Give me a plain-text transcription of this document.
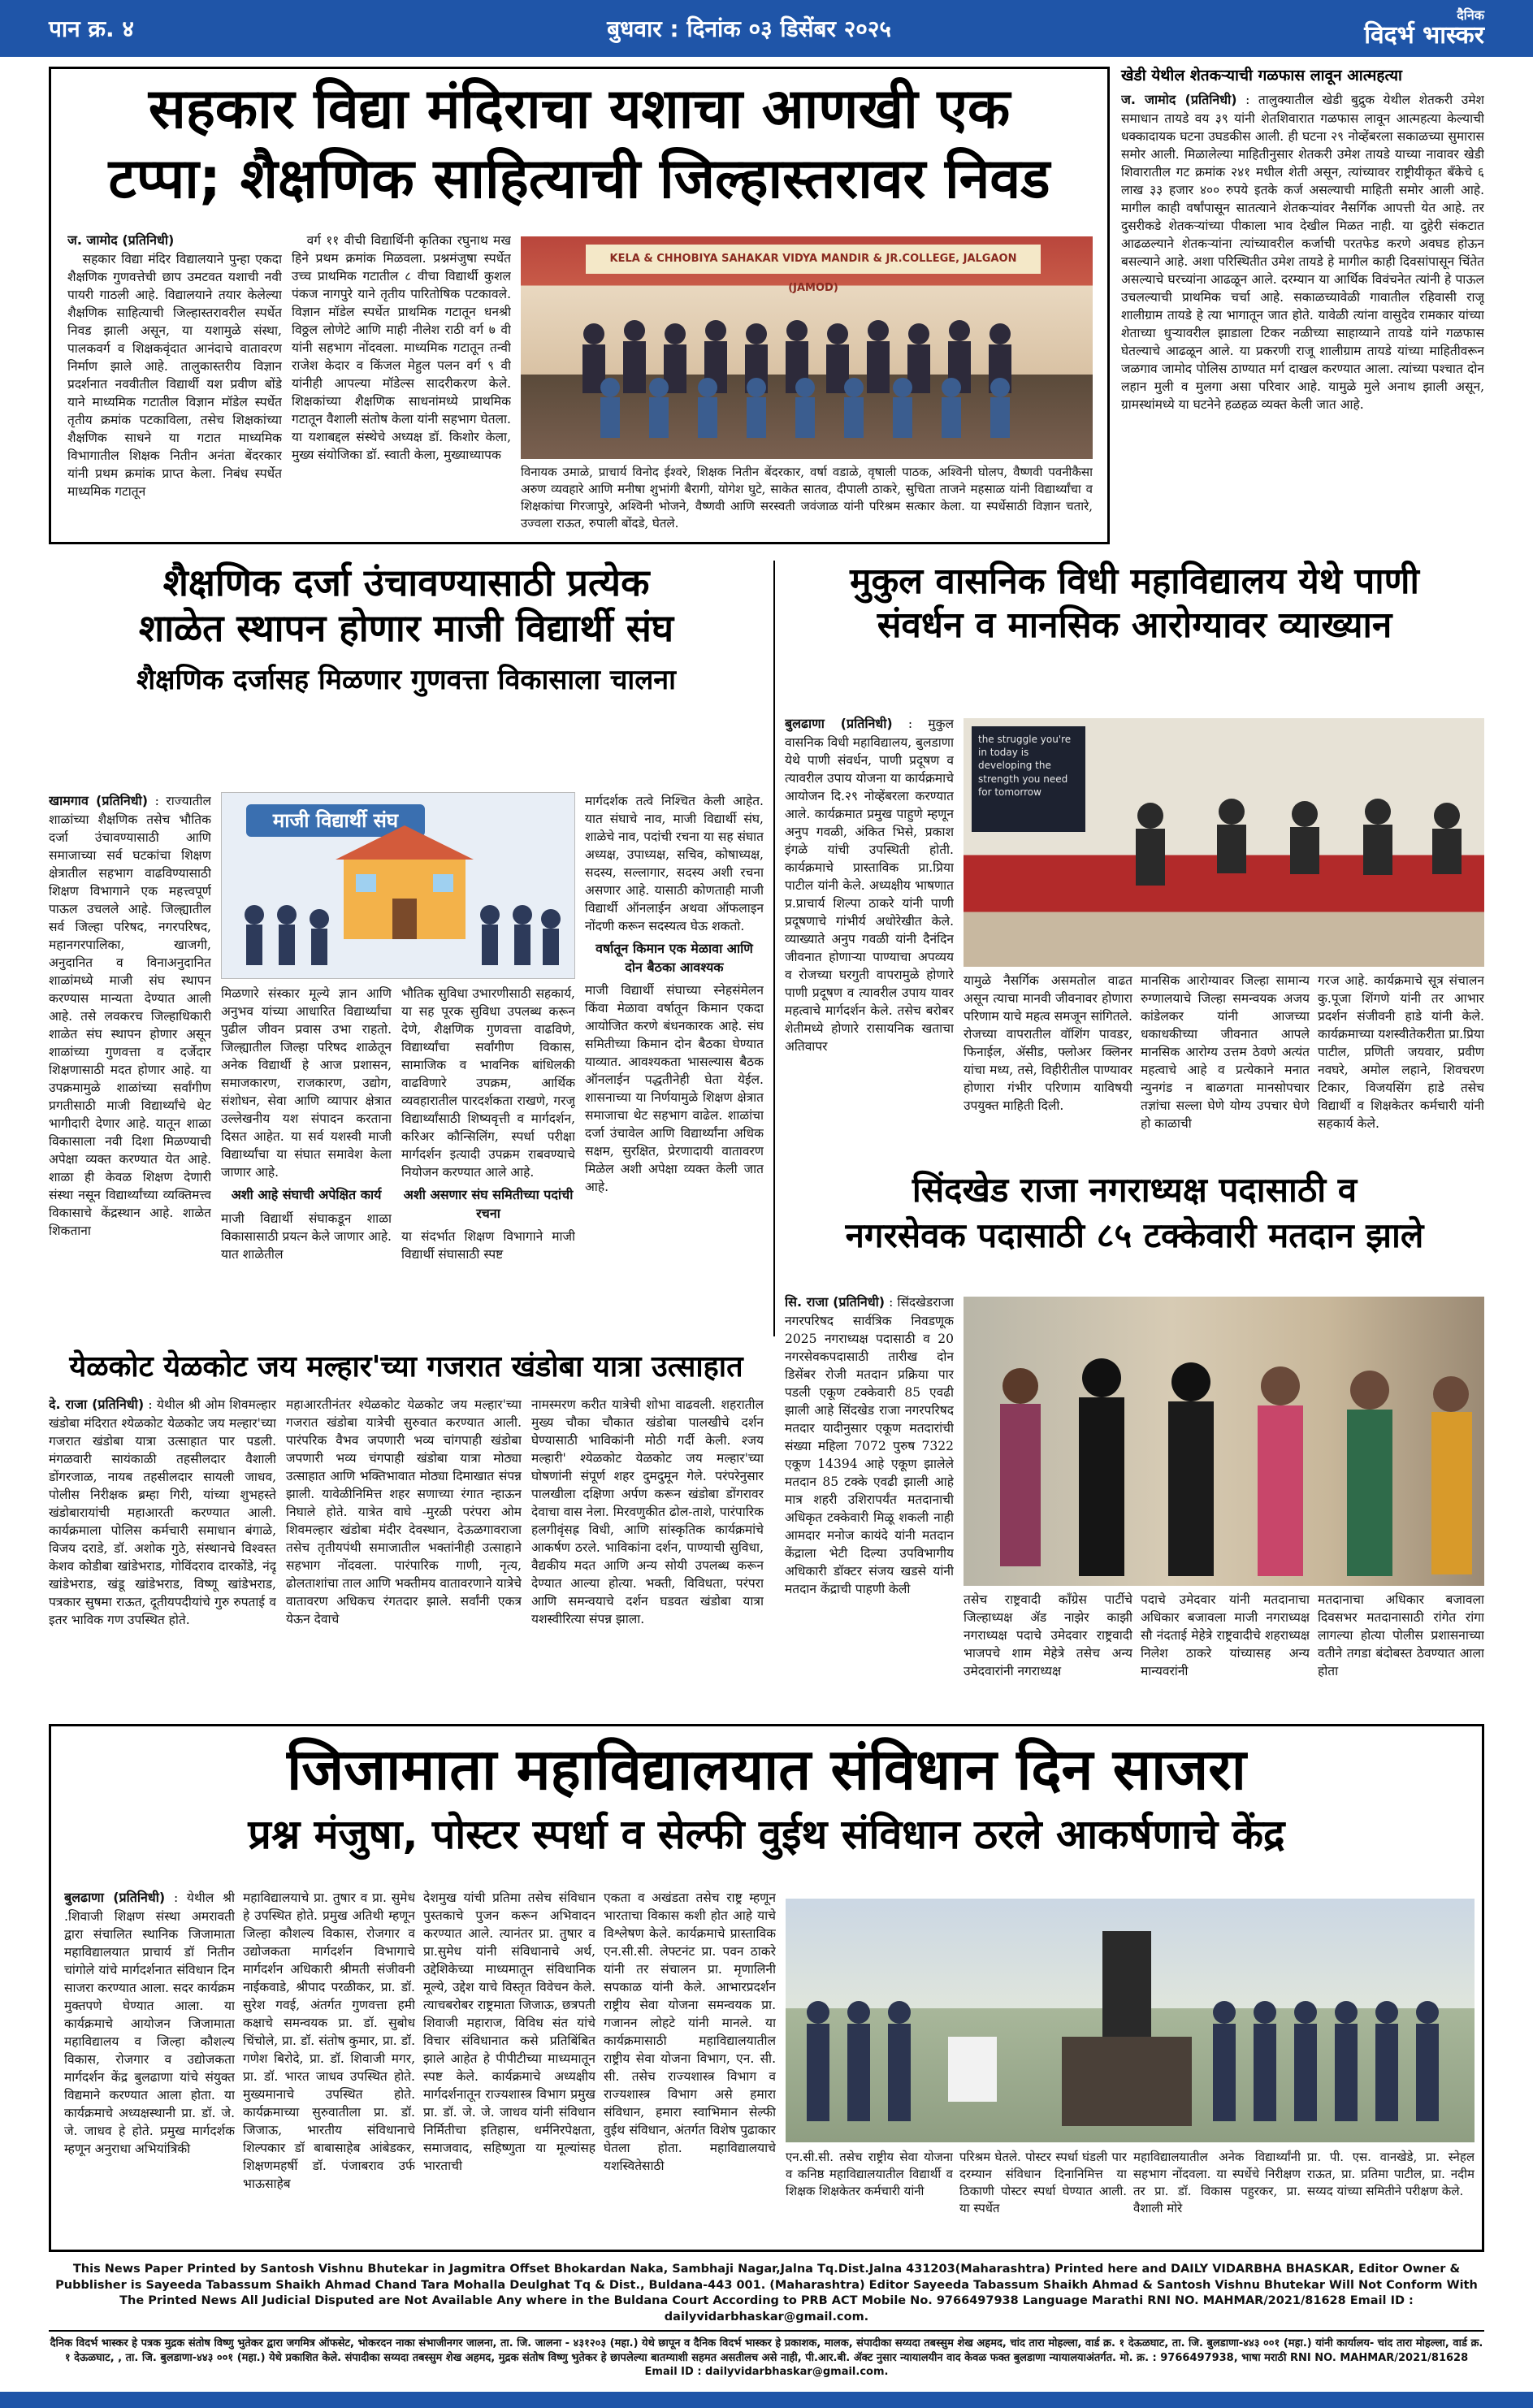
पान क्र. ४	बुधवार : दिनांक ०३ डिसेंबर २०२५
दैनिक
विदर्भ भास्कर
सहकार विद्या मंदिराचा यशाचा आणखी एक
टप्पा; शैक्षणिक साहित्याची जिल्हास्तरावर निवड
ज. जामोद (प्रतिनिधी)

सहकार विद्या मंदिर विद्यालयाने पुन्हा एकदा शैक्षणिक गुणवत्तेची छाप उमटवत यशाची नवी पायरी गाठली आहे. विद्यालयाने तयार केलेल्या शैक्षणिक साहित्याची जिल्हास्तरावरील स्पर्धेत निवड झाली असून, या यशामुळे संस्था, पालकवर्ग व शिक्षकवृंदात आनंदाचे वातावरण निर्माण झाले आहे. तालुकास्तरीय विज्ञान प्रदर्शनात नववीतील विद्यार्थी यश प्रवीण बोंडे याने माध्यमिक गटातील विज्ञान मॉडेल स्पर्धेत तृतीय क्रमांक पटकाविला, तसेच शिक्षकांच्या शैक्षणिक साधने या गटात माध्यमिक विभागातील शिक्षक नितीन अनंता बेंदरकार यांनी प्रथम क्रमांक प्राप्त केला. निबंध स्पर्धेत माध्यमिक गटातून

वर्ग ११ वीची विद्यार्थिनी कृतिका रघुनाथ मख हिने प्रथम क्रमांक मिळवला. प्रश्नमंजुषा स्पर्धेत उच्च प्राथमिक गटातील ८ वीचा विद्यार्थी कुशल पंकज नागपुरे याने तृतीय पारितोषिक पटकावले. विज्ञान मॉडेल स्पर्धेत प्राथमिक गटातून धनश्री विठ्ठल लोणेटे आणि माही नीलेश राठी वर्ग ७ वी यांनी सहभाग नोंदवला. माध्यमिक गटातून तन्वी राजेश केदार व किंजल मेहुल पलन वर्ग ९ वी यांनीही आपल्या मॉडेल्स सादरीकरण केले. शिक्षकांच्या शैक्षणिक साधनांमध्ये प्राथमिक गटातून वैशाली संतोष केला यांनी सहभाग घेतला. या यशाबद्दल संस्थेचे अध्यक्ष डॉ. किशोर केला, मुख्य संयोजिका डॉ. स्वाती केला, मुख्याध्यापक

KELA & CHHOBIYA SAHAKAR VIDYA MANDIR & JR.COLLEGE, JALGAON (JAMOD)
विनायक उमाळे, प्राचार्य विनोद ईश्वरे, शिक्षक नितीन बेंदरकार, वर्षा वडाळे, वृषाली पाठक, अश्विनी घोलप, वैष्णवी पवनीकैसा अरुण व्यवहारे आणि मनीषा शुभांगी बैरागी, योगेश घुटे, साकेत सातव, दीपाली ठाकरे, सुचिता ताजने महसाळ यांनी विद्यार्थ्यांचा व शिक्षकांचा गिरजापुरे, अश्विनी भोजने, वैष्णवी आणि सरस्वती जवंजाळ यांनी परिश्रम सत्कार केला. या स्पर्धेसाठी विज्ञान चतारे, उज्वला राऊत, रुपाली बोंदडे, घेतले.
खेडी येथील शेतकऱ्याची गळफास लावून आत्महत्या
ज. जामोद (प्रतिनिधी) : तालुक्यातील खेडी बुद्रुक येथील शेतकरी उमेश समाधान तायडे वय ३९ यांनी शेतशिवारात गळफास लावून आत्महत्या केल्याची धक्कादायक घटना उघडकीस आली. ही घटना २९ नोव्हेंबरला सकाळच्या सुमारास समोर आली. मिळालेल्या माहितीनुसार शेतकरी उमेश तायडे याच्या नावावर खेडी शिवारातील गट क्रमांक २४१ मधील शेती असून, त्यांच्यावर राष्ट्रीयीकृत बँकेचे ६ लाख ३३ हजार ४०० रुपये इतके कर्ज असल्याची माहिती समोर आली आहे. मागील काही वर्षांपासून सातत्याने शेतकऱ्यांवर नैसर्गिक आपत्ती येत आहे. तर दुसरीकडे शेतकऱ्यांच्या पीकाला भाव देखील मिळत नाही. या दुहेरी संकटात आढळल्याने शेतकऱ्यांना त्यांच्यावरील कर्जाची परतफेड करणे अवघड होऊन बसल्याने आहे. अशा परिस्थितीत उमेश तायडे हे मागील काही दिवसांपासून चिंतेत असल्याचे घरच्यांना आढळून आले. दरम्यान या आर्थिक विवंचनेत त्यांनी हे पाऊल उचलल्याची प्राथमिक चर्चा आहे. सकाळच्यावेळी गावातील रहिवासी राजू शालीग्राम तायडे हे त्या भागातून जात होते. यावेळी त्यांना वासुदेव रामकार यांच्या शेताच्या धुऱ्यावरील झाडाला टिकर नळीच्या साहाय्याने तायडे यांने गळफास घेतल्याचे आढळून आले. या प्रकरणी राजू शालीग्राम तायडे यांच्या माहितीवरून जळगाव जामोद पोलिस ठाण्यात मर्ग दाखल करण्यात आला. त्यांच्या पश्चात दोन लहान मुली व मुलगा असा परिवार आहे. यामुळे मुले अनाथ झाली असून, ग्रामस्थांमध्ये या घटनेने हळहळ व्यक्त केली जात आहे.
शैक्षणिक दर्जा उंचावण्यासाठी प्रत्येक
शाळेत स्थापन होणार माजी विद्यार्थी संघ
शैक्षणिक दर्जासह मिळणार गुणवत्ता विकासाला चालना
खामगाव (प्रतिनिधी) : राज्यातील शाळांच्या शैक्षणिक तसेच भौतिक दर्जा उंचावण्यासाठी आणि समाजाच्या सर्व घटकांचा शिक्षण क्षेत्रातील सहभाग वाढविण्यासाठी शिक्षण विभागाने एक महत्त्वपूर्ण पाऊल उचलले आहे. जिल्ह्यातील सर्व जिल्हा परिषद, नगरपरिषद, महानगरपालिका, खाजगी, अनुदानित व विनाअनुदानित शाळांमध्ये माजी संघ स्थापन करण्यास मान्यता देण्यात आली आहे. तसे लवकरच जिल्हाधिकारी शाळेत संघ स्थापन होणार असून शाळांच्या गुणवत्ता व दर्जेदार शिक्षणासाठी मदत होणार आहे. या उपक्रमामुळे शाळांच्या सर्वांगीण प्रगतीसाठी माजी विद्यार्थ्यांचे थेट भागीदारी देणार आहे. यातून शाळा विकासाला नवी दिशा मिळण्याची अपेक्षा व्यक्त करण्यात येत आहे. शाळा ही केवळ शिक्षण देणारी संस्था नसून विद्यार्थ्यांच्या व्यक्तिमत्त्व विकासाचे केंद्रस्थान आहे. शाळेत शिकताना
माजी विद्यार्थी संघ
मिळणारे संस्कार मूल्ये ज्ञान आणि अनुभव यांच्या आधारित विद्यार्थ्यांचा पुढील जीवन प्रवास उभा राहतो. जिल्ह्यातील जिल्हा परिषद शाळेतून अनेक विद्यार्थी हे आज प्रशासन, समाजकारण, राजकारण, उद्योग, संशोधन, सेवा आणि व्यापार क्षेत्रात उल्लेखनीय यश संपादन करताना दिसत आहेत. या सर्व यशस्वी माजी विद्यार्थ्यांचा या संघात समावेश केला जाणार आहे.
अशी आहे संघाची अपेक्षित कार्य
माजी विद्यार्थी संघाकडून शाळा विकासासाठी प्रयत्न केले जाणार आहे. यात शाळेतील
भौतिक सुविधा उभारणीसाठी सहकार्य, या सह पूरक सुविधा उपलब्ध करून देणे, शैक्षणिक गुणवत्ता वाढविणे, विद्यार्थ्यांचा सर्वांगीण विकास, सामाजिक व भावनिक बांधिलकी वाढविणारे उपक्रम, आर्थिक व्यवहारातील पारदर्शकता राखणे, गरजू विद्यार्थ्यांसाठी शिष्यवृत्ती व मार्गदर्शन, करिअर कौन्सिलिंग, स्पर्धा परीक्षा मार्गदर्शन इत्यादी उपक्रम राबवण्याचे नियोजन करण्यात आले आहे.
अशी असणार संघ समितीच्या पदांची रचना
या संदर्भात शिक्षण विभागाने माजी विद्यार्थी संघासाठी स्पष्ट
मार्गदर्शक तत्वे निश्चित केली आहेत. यात संघाचे नाव, माजी विद्यार्थी संघ, शाळेचे नाव, पदांची रचना या सह संघात अध्यक्ष, उपाध्यक्ष, सचिव, कोषाध्यक्ष, सदस्य, सल्लागार, सदस्य अशी रचना असणार आहे. यासाठी कोणताही माजी विद्यार्थी ऑनलाईन अथवा ऑफलाइन नोंदणी करून सदस्यत्व घेऊ शकतो.
वर्षातून किमान एक मेळावा आणि दोन बैठका आवश्यक
माजी विद्यार्थी संघाच्या स्नेहसंमेलन किंवा मेळावा वर्षातून किमान एकदा आयोजित करणे बंधनकारक आहे. संघ समितीच्या किमान दोन बैठका घेण्यात याव्यात. आवश्यकता भासल्यास बैठक ऑनलाईन पद्धतीनेही घेता येईल. शासनाच्या या निर्णयामुळे शिक्षण क्षेत्रात समाजाचा थेट सहभाग वाढेल. शाळांचा दर्जा उंचावेल आणि विद्यार्थ्यांना अधिक सक्षम, सुरक्षित, प्रेरणादायी वातावरण मिळेल अशी अपेक्षा व्यक्त केली जात आहे.
मुकुल वासनिक विधी महाविद्यालय येथे पाणी
संवर्धन व मानसिक आरोग्यावर व्याख्यान
बुलढाणा (प्रतिनिधी) : मुकुल वासनिक विधी महाविद्यालय, बुलडाणा येथे पाणी संवर्धन, पाणी प्रदूषण व त्यावरील उपाय योजना या कार्यक्रमाचे आयोजन दि.२९ नोव्हेंबरला करण्यात आले. कार्यक्रमात प्रमुख पाहुणे म्हणून अनुप गवळी, अंकित भिसे, प्रकाश इंगळे यांची उपस्थिती होती. कार्यक्रमाचे प्रास्ताविक प्रा.प्रिया पाटील यांनी केले. अध्यक्षीय भाषणात प्र.प्राचार्य शिल्पा ठाकरे यांनी पाणी प्रदूषणाचे गांभीर्य अधोरेखीत केले. व्याख्याते अनुप गवळी यांनी दैनंदिन जीवनात होणाऱ्या पाण्याचा अपव्यय व रोजच्या घरगुती वापरामुळे होणारे पाणी प्रदूषण व त्यावरील उपाय यावर महत्वाचे मार्गदर्शन केले. तसेच बरोबर शेतीमध्ये होणारे रासायनिक खताचा अतिवापर
the struggle you're in today is developing the strength you need for tomorrow
यामुळे नैसर्गिक असमतोल वाढत असून त्याचा मानवी जीवनावर होणारा परिणाम याचे महत्व समजून सांगितले. रोजच्या वापरातील वॉशिंग पावडर, फिनाईल, ॲसीड, फ्लोअर क्लिनर यांचा मध्य, तसे, विहीरीतील पाण्यावर होणारा गंभीर परिणाम याविषयी उपयुक्त माहिती दिली.
मानसिक आरोग्यावर जिल्हा सामान्य रुग्णालयाचे जिल्हा समन्वयक अजय कांडेलकर यांनी आजच्या धकाधकीच्या जीवनात आपले मानसिक आरोग्य उत्तम ठेवणे अत्यंत महत्वाचे आहे व प्रत्येकाने मनात न्युनगंड न बाळगता मानसोपचार तज्ञांचा सल्ला घेणे योग्य उपचार घेणे हो काळाची
गरज आहे. कार्यक्रमाचे सूत्र संचालन कु.पूजा शिंगणे यांनी तर आभार प्रदर्शन संजीवनी हाडे यांनी केले. कार्यक्रमाच्या यशस्वीतेकरीता प्रा.प्रिया पाटील, प्रणिती जयवार, प्रवीण नवघरे, अमोल लहाने, शिवचरण टिकार, विजयसिंग हाडे तसेच विद्यार्थी व शिक्षकेतर कर्मचारी यांनी सहकार्य केले.
सिंदखेड राजा नगराध्यक्ष पदासाठी व
नगरसेवक पदासाठी ८५ टक्केवारी मतदान झाले
सि. राजा (प्रतिनिधी) : सिंदखेडराजा नगरपरिषद सार्वत्रिक निवडणूक 2025 नगराध्यक्ष पदासाठी व 20 नगरसेवकपदासाठी तारीख दोन डिसेंबर रोजी मतदान प्रक्रिया पार पडली एकूण टक्केवारी 85 एवढी झाली आहे सिंदखेड राजा नगरपरिषद मतदार यादीनुसार एकूण मतदारांची संख्या महिला 7072 पुरुष 7322 एकूण 14394 आहे एकूण झालेले मतदान 85 टक्के एवढी झाली आहे मात्र शहरी उशिरापर्यंत मतदानाची अधिकृत टक्केवारी मिळू शकली नाही आमदार मनोज कायंदे यांनी मतदान केंद्राला भेटी दिल्या उपविभागीय अधिकारी डॉक्टर संजय खडसे यांनी मतदान केंद्राची पाहणी केली
तसेच राष्ट्रवादी काँग्रेस पार्टीचे जिल्हाध्यक्ष ॲड नाझेर काझी नगराध्यक्ष पदाचे उमेदवार राष्ट्रवादी भाजपचे शाम मेहेत्रे तसेच अन्य उमेदवारांनी नगराध्यक्ष
पदाचे उमेदवार यांनी मतदानाचा अधिकार बजावला माजी नगराध्यक्ष सौ नंदताई मेहेत्रे राष्ट्रवादीचे शहराध्यक्ष निलेश ठाकरे यांच्यासह अन्य मान्यवरांनी
मतदानाचा अधिकार बजावला दिवसभर मतदानासाठी रांगेत रांगा लागल्या होत्या पोलीस प्रशासनाच्या वतीने तगडा बंदोबस्त ठेवण्यात आला होता
येळकोट येळकोट जय मल्हार'च्या गजरात खंडोबा यात्रा उत्साहात
दे. राजा (प्रतिनिधी) : येथील श्री ओम शिवमल्हार खंडोबा मंदिरात श्येळकोट येळकोट जय मल्हार'च्या गजरात खंडोबा यात्रा उत्साहात पार पडली. मंगळवारी सायंकाळी तहसीलदार वैशाली डोंगरजाळ, नायब तहसीलदार सायली जाधव, पोलीस निरीक्षक ब्रम्हा गिरी, यांच्या शुभहस्ते खंडोबारायांची महाआरती करण्यात आली. कार्यक्रमाला पोलिस कर्मचारी समाधान बंगाळे, विजय दराडे, डॉ. अशोक गुठे, संस्थानचे विश्वस्त केशव कोडीबा खांडेभराड, गोविंदराव दारकोंडे, नंदू खांडेभराड, खंडू खांडेभराड, विष्णू खांडेभराड, पत्रकार सुषमा राऊत, दूतीयपदीयांचे गुरु रुपताई व इतर भाविक गण उपस्थित होते.
महाआरतीनंतर श्येळकोट येळकोट जय मल्हार'च्या गजरात खंडोबा यात्रेची सुरुवात करण्यात आली. पारंपरिक वैभव जपणारी भव्य चांगपाही खंडोबा जपणारी भव्य चंगपाही खंडोबा यात्रा मोठ्या उत्साहात आणि भक्तिभावात मोठ्या दिमाखात संपन्न झाली. यावेळीनिमित्त शहर सणाच्या रंगात न्हाऊन निघाले होते. यात्रेत वाघे -मुरळी परंपरा ओम शिवमल्हार खंडोबा मंदीर देवस्थान, देऊळगावराजा तसेच तृतीयपंथी समाजातील भक्तांनीही उत्साहाने सहभाग नोंदवला. पारंपारिक गाणी, नृत्य, ढोलताशांचा ताल आणि भक्तीमय वातावरणाने यात्रेचे वातावरण अधिकच रंगतदार झाले. सर्वांनी एकत्र येऊन देवाचे
नामस्मरण करीत यात्रेची शोभा वाढवली. शहरातील मुख्य चौका चौकात खंडोबा पालखीचे दर्शन घेण्यासाठी भाविकांनी मोठी गर्दी केली. श्जय मल्हारी' श्येळकोट येळकोट जय मल्हार'च्या घोषणांनी संपूर्ण शहर दुमदुमून गेले. परंपरेनुसार पालखीला दक्षिणा अर्पण करून खंडोबा डोंगरावर देवाचा वास नेला. मिरवणुकीत ढोल-ताशे, पारंपारिक हलगीवृंसह्र विधी, आणि सांस्कृतिक कार्यक्रमांचे आकर्षण ठरले. भाविकांना दर्शन, पाण्याची सुविधा, वैद्यकीय मदत आणि अन्य सोयी उपलब्ध करून देण्यात आल्या होत्या. भक्ती, विविधता, परंपरा आणि समन्वयाचे दर्शन घडवत खंडोबा यात्रा यशस्वीरित्या संपन्न झाला.
जिजामाता महाविद्यालयात संविधान दिन साजरा
प्रश्न मंजुषा, पोस्टर स्पर्धा व सेल्फी वुईथ संविधान ठरले आकर्षणाचे केंद्र
बुलढाणा (प्रतिनिधी) : येथील श्री .शिवाजी शिक्षण संस्था अमरावती द्वारा संचालित स्थानिक जिजामाता महाविद्यालयात प्राचार्य डॉ नितीन चांगोले यांचे मार्गदर्शनात संविधान दिन साजरा करण्यात आला. सदर कार्यक्रम मुक्तपणे घेण्यात आला. या कार्यक्रमाचे आयोजन जिजामाता महाविद्यालय व जिल्हा कौशल्य विकास, रोजगार व उद्योजकता मार्गदर्शन केंद्र बुलढाणा यांचे संयुक्त विद्यमाने करण्यात आला होता. या कार्यक्रमाचे अध्यक्षस्थानी प्रा. डॉ. जे. जे. जाधव हे होते. प्रमुख मार्गदर्शक म्हणून अनुराधा अभियांत्रिकी
महाविद्यालयाचे प्रा. तुषार व प्रा. सुमेध हे उपस्थित होते. प्रमुख अतिथी म्हणून जिल्हा कौशल्य विकास, रोजगार व उद्योजकता मार्गदर्शन विभागाचे मार्गदर्शन अधिकारी श्रीमती संजीवनी नाईकवाडे, श्रीपाद परळीकर, प्रा. डॉ. सुरेश गवई, अंतर्गत गुणवत्ता हमी कक्षाचे समन्वयक प्रा. डॉ. सुबोध चिंचोले, प्रा. डॉ. संतोष कुमार, प्रा. डॉ. गणेश बिरोदे, प्रा. डॉ. शिवाजी मगर, प्रा. डॉ. भारत जाधव उपस्थित होते. मुख्यमानाचे उपस्थित होते. कार्यक्रमाच्या सुरुवातीला प्रा. डॉ. जिजाऊ, भारतीय संविधानाचे शिल्पकार डॉ बाबासाहेब आंबेडकर, शिक्षणमहर्षी डॉ. पंजाबराव उर्फ भाऊसाहेब
देशमुख यांची प्रतिमा तसेच संविधान पुस्तकाचे पुजन करून अभिवादन करण्यात आले. त्यानंतर प्रा. तुषार व प्रा.सुमेध यांनी संविधानाचे अर्थ, उद्देशिकेच्या माध्यमातून संविधानिक मूल्ये, उद्देश याचे विस्तृत विवेचन केले. त्याचबरोबर राष्ट्रमाता जिजाऊ, छत्रपती शिवाजी महाराज, विविध संत यांचे विचार संविधानात कसे प्रतिबिंबित झाले आहेत हे पीपीटीच्या माध्यमातून स्पष्ट केले. कार्यक्रमाचे अध्यक्षीय मार्गदर्शनातून राज्यशास्त्र विभाग प्रमुख प्रा. डॉ. जे. जे. जाधव यांनी संविधान निर्मितीचा इतिहास, धर्मनिरपेक्षता, समाजवाद, सहिष्णुता या मूल्यांसह भारताची
एकता व अखंडता तसेच राष्ट्र म्हणून भारताचा विकास कशी होत आहे याचे विश्लेषण केले. कार्यक्रमाचे प्रास्ताविक एन.सी.सी. लेफ्टनंट प्रा. पवन ठाकरे यांनी तर संचालन प्रा. मृणालिनी सपकाळ यांनी केले. आभारप्रदर्शन राष्ट्रीय सेवा योजना समन्वयक प्रा. गजानन लोहटे यांनी मानले. या कार्यक्रमासाठी महाविद्यालयातील राष्ट्रीय सेवा योजना विभाग, एन. सी. सी. तसेच राज्यशास्त्र विभाग व राज्यशास्त्र विभाग असे हमारा संविधान, हमारा स्वाभिमान सेल्फी वुईथ संविधान, अंतर्गत विशेष पुढाकार घेतला होता. महाविद्यालयाचे यशस्वितेसाठी
एन.सी.सी. तसेच राष्ट्रीय सेवा योजना व कनिष्ठ महाविद्यालयातील विद्यार्थी व शिक्षक शिक्षकेतर कर्मचारी यांनी
परिश्रम घेतले. पोस्टर स्पर्धा घंडली पार दरम्यान संविधान दिनानिमित्त या ठिकाणी पोस्टर स्पर्धा घेण्यात आली. या स्पर्धेत
महाविद्यालयातील अनेक विद्यार्थ्यांनी सहभाग नोंदवला. या स्पर्धेचे निरीक्षण तर प्रा. डॉ. विकास पहुरकर, प्रा. वैशाली मोरे
प्रा. पी. एस. वानखेडे, प्रा. स्नेहल राऊत, प्रा. प्रतिमा पाटील, प्रा. नदीम सय्यद यांच्या समितीने परीक्षण केले.
This News Paper Printed by Santosh Vishnu Bhutekar in Jagmitra Offset Bhokardan Naka, Sambhaji Nagar,Jalna Tq.Dist.Jalna 431203(Maharashtra) Printed here and DAILY VIDARBHA BHASKAR, Editor Owner & Pubblisher is Sayeeda Tabassum Shaikh Ahmad Chand Tara Mohalla Deulghat Tq & Dist., Buldana-443 001. (Maharashtra) Editor Sayeeda Tabassum Shaikh Ahmad & Santosh Vishnu Bhutekar Will Not Conform With The Printed News All Judicial Disputed are Not Available Any where in the Buldana Court According to PRB ACT Mobile No. 9766497938 Language Marathi RNI NO. MAHMAR/2021/81628 Email ID : dailyvidarbhaskar@gmail.com.
दैनिक विदर्भ भास्कर हे पत्रक मुद्रक संतोष विष्णु भुतेकर द्वारा जगमित्र ऑफसेट, भोकरदन नाका संभाजीनगर जालना, ता. जि. जालना - ४३१२०३ (महा.) येथे छापून व दैनिक विदर्भ भास्कर हे प्रकाशक, मालक, संपादीका सय्यदा तबस्सुम शेख अहमद, चांद तारा मोहल्ला, वार्ड क्र. १ देऊळघाट, ता. जि. बुलडाणा-४४३ ००१ (महा.) यांनी कार्यालय- चांद तारा मोहल्ला, वार्ड क्र. १ देऊळघाट, , ता. जि. बुलडाणा-४४३ ००१ (महा.) येथे प्रकाशित केले. संपादीका सय्यदा तबस्सुम शेख अहमद, मुद्रक संतोष विष्णु भुतेकर हे छापलेल्या बातम्याशी सहमत असतीलच असे नाही, पी.आर.बी. ॲक्ट नुसार न्यायालयीन वाद केवळ फक्त बुलडाणा न्यायालयाअंतर्गत. मो. क्र. : 9766497938, भाषा मराठी RNI NO. MAHMAR/2021/81628 Email ID : dailyvidarbhaskar@gmail.com.
